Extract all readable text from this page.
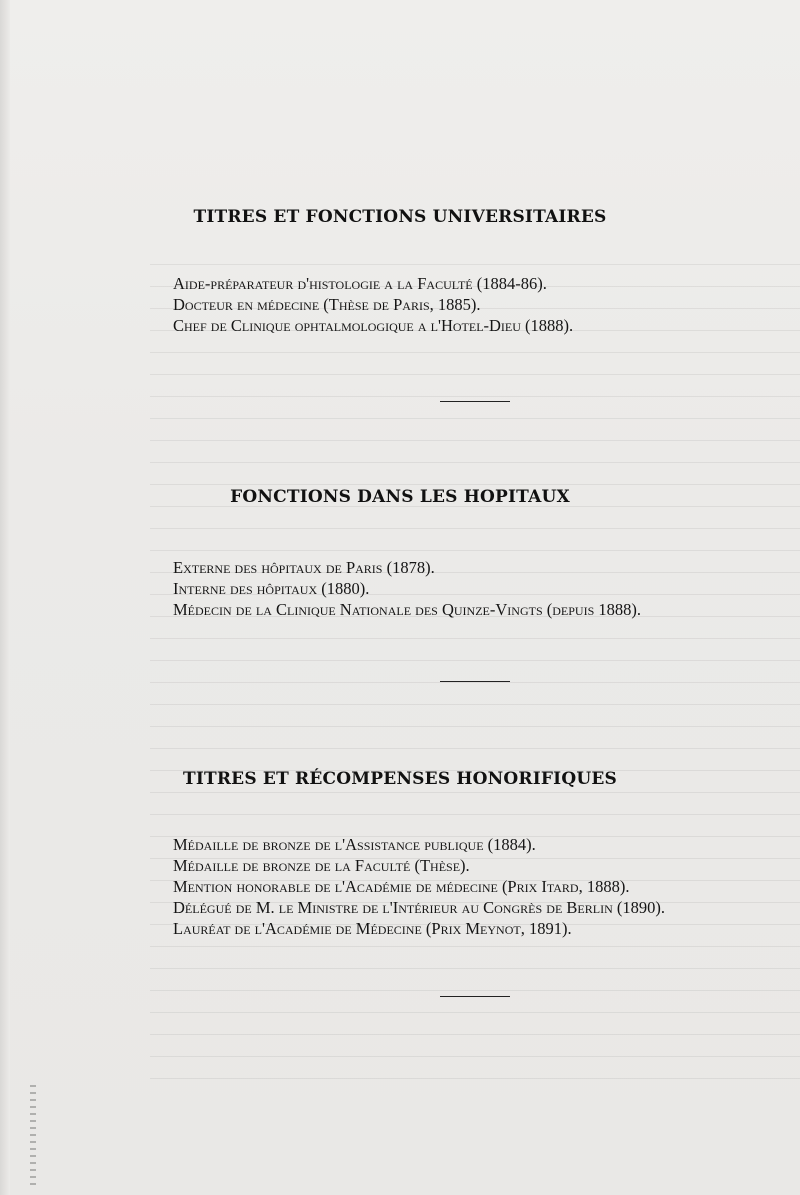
TITRES ET FONCTIONS UNIVERSITAIRES
Aide-préparateur d'histologie a la Faculté (1884-86).
Docteur en médecine (Thèse de Paris, 1885).
Chef de Clinique ophtalmologique a l'Hotel-Dieu (1888).
FONCTIONS DANS LES HOPITAUX
Externe des hôpitaux de Paris (1878).
Interne des hôpitaux (1880).
Médecin de la Clinique Nationale des Quinze-Vingts (depuis 1888).
TITRES ET RÉCOMPENSES HONORIFIQUES
Médaille de bronze de l'Assistance publique (1884).
Médaille de bronze de la Faculté (Thèse).
Mention honorable de l'Académie de médecine (Prix Itard, 1888).
Délégué de M. le Ministre de l'Intérieur au Congrès de Berlin (1890).
Lauréat de l'Académie de Médecine (Prix Meynot, 1891).
